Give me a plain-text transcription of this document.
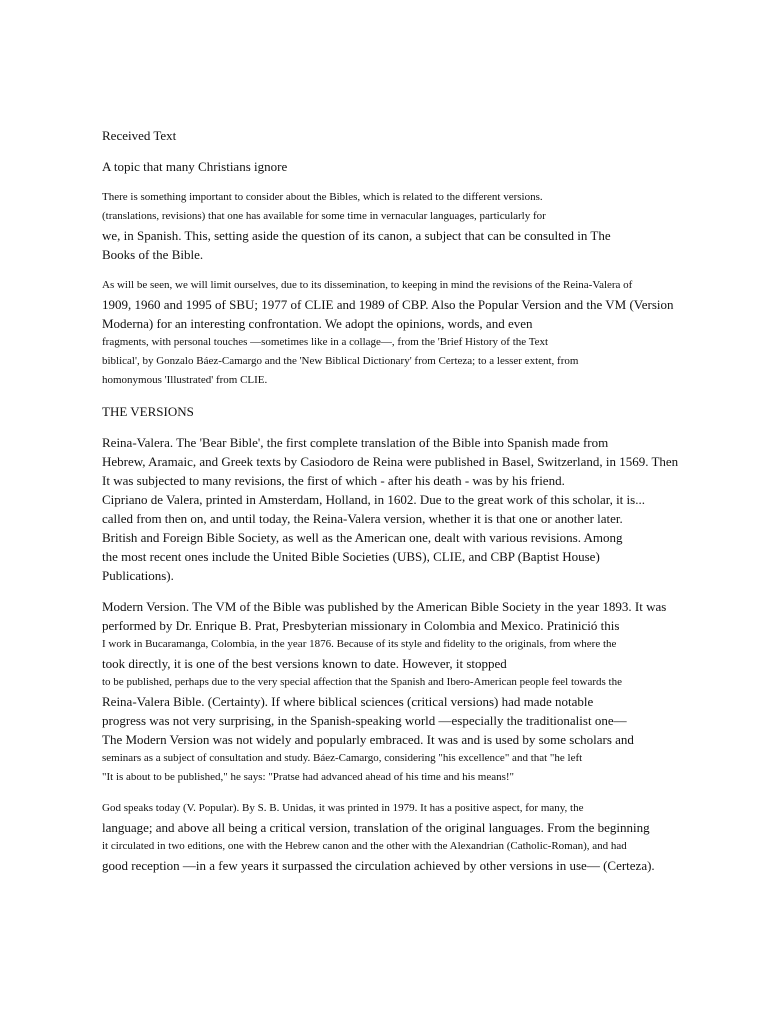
Received Text
A topic that many Christians ignore
There is something important to consider about the Bibles, which is related to the different versions.
(translations, revisions) that one has available for some time in vernacular languages, particularly for
we, in Spanish. This, setting aside the question of its canon, a subject that can be consulted in The
Books of the Bible.
As will be seen, we will limit ourselves, due to its dissemination, to keeping in mind the revisions of the Reina-Valera of
1909, 1960 and 1995 of SBU; 1977 of CLIE and 1989 of CBP. Also the Popular Version and the VM (Version
Moderna) for an interesting confrontation. We adopt the opinions, words, and even
fragments, with personal touches —sometimes like in a collage—, from the 'Brief History of the Text
biblical', by Gonzalo Báez-Camargo and the 'New Biblical Dictionary' from Certeza; to a lesser extent, from
homonymous 'Illustrated' from CLIE.
THE VERSIONS
Reina-Valera. The 'Bear Bible', the first complete translation of the Bible into Spanish made from
Hebrew, Aramaic, and Greek texts by Casiodoro de Reina were published in Basel, Switzerland, in 1569. Then
It was subjected to many revisions, the first of which - after his death - was by his friend.
Cipriano de Valera, printed in Amsterdam, Holland, in 1602. Due to the great work of this scholar, it is...
called from then on, and until today, the Reina-Valera version, whether it is that one or another later.
British and Foreign Bible Society, as well as the American one, dealt with various revisions. Among
the most recent ones include the United Bible Societies (UBS), CLIE, and CBP (Baptist House)
Publications).
Modern Version. The VM of the Bible was published by the American Bible Society in the year 1893. It was
performed by Dr. Enrique B. Prat, Presbyterian missionary in Colombia and Mexico. Pratinició this
I work in Bucaramanga, Colombia, in the year 1876. Because of its style and fidelity to the originals, from where the
took directly, it is one of the best versions known to date. However, it stopped
to be published, perhaps due to the very special affection that the Spanish and Ibero-American people feel towards the
Reina-Valera Bible. (Certainty). If where biblical sciences (critical versions) had made notable
progress was not very surprising, in the Spanish-speaking world —especially the traditionalist one—
The Modern Version was not widely and popularly embraced. It was and is used by some scholars and
seminars as a subject of consultation and study. Báez-Camargo, considering "his excellence" and that "he left
"It is about to be published," he says: "Pratse had advanced ahead of his time and his means!"
God speaks today (V. Popular). By S. B. Unidas, it was printed in 1979. It has a positive aspect, for many, the
language; and above all being a critical version, translation of the original languages. From the beginning
it circulated in two editions, one with the Hebrew canon and the other with the Alexandrian (Catholic-Roman), and had
good reception —in a few years it surpassed the circulation achieved by other versions in use— (Certeza).
